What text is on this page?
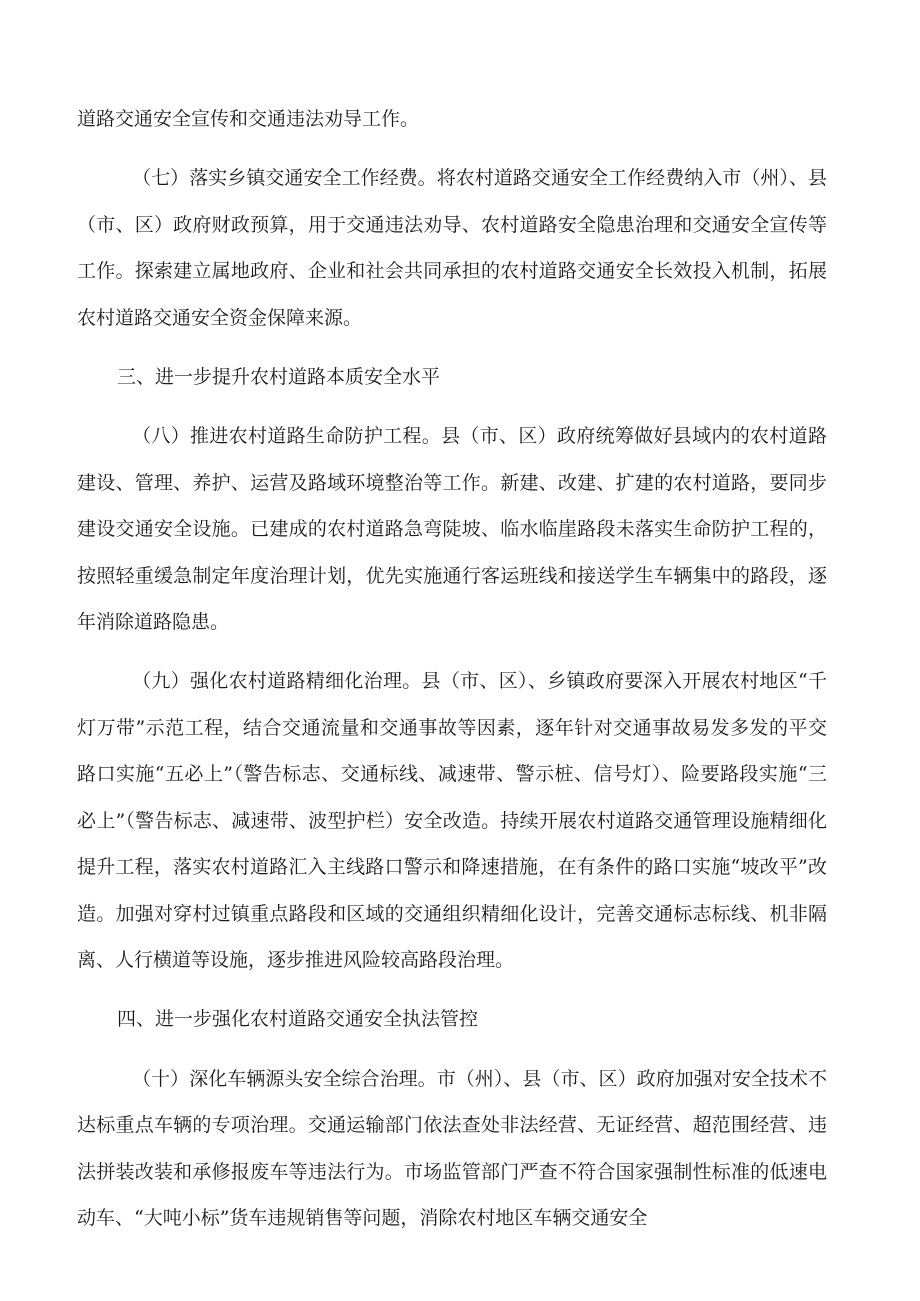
道路交通安全宣传和交通违法劝导工作。

（七）落实乡镇交通安全工作经费。将农村道路交通安全工作经费纳入市（州）、县（市、区）政府财政预算，用于交通违法劝导、农村道路安全隐患治理和交通安全宣传等工作。探索建立属地政府、企业和社会共同承担的农村道路交通安全长效投入机制，拓展农村道路交通安全资金保障来源。

三、进一步提升农村道路本质安全水平

（八）推进农村道路生命防护工程。县（市、区）政府统筹做好县域内的农村道路建设、管理、养护、运营及路域环境整治等工作。新建、改建、扩建的农村道路，要同步建设交通安全设施。已建成的农村道路急弯陡坡、临水临崖路段未落实生命防护工程的，按照轻重缓急制定年度治理计划，优先实施通行客运班线和接送学生车辆集中的路段，逐年消除道路隐患。

（九）强化农村道路精细化治理。县（市、区）、乡镇政府要深入开展农村地区“千灯万带”示范工程，结合交通流量和交通事故等因素，逐年针对交通事故易发多发的平交路口实施“五必上”（警告标志、交通标线、减速带、警示桩、信号灯）、险要路段实施“三必上”（警告标志、减速带、波型护栏）安全改造。持续开展农村道路交通管理设施精细化提升工程，落实农村道路汇入主线路口警示和降速措施，在有条件的路口实施“坡改平”改造。加强对穿村过镇重点路段和区域的交通组织精细化设计，完善交通标志标线、机非隔离、人行横道等设施，逐步推进风险较高路段治理。

四、进一步强化农村道路交通安全执法管控

（十）深化车辆源头安全综合治理。市（州）、县（市、区）政府加强对安全技术不达标重点车辆的专项治理。交通运输部门依法查处非法经营、无证经营、超范围经营、违法拼装改装和承修报废车等违法行为。市场监管部门严查不符合国家强制性标准的低速电动车、“大吨小标”货车违规销售等问题，消除农村地区车辆交通安全
